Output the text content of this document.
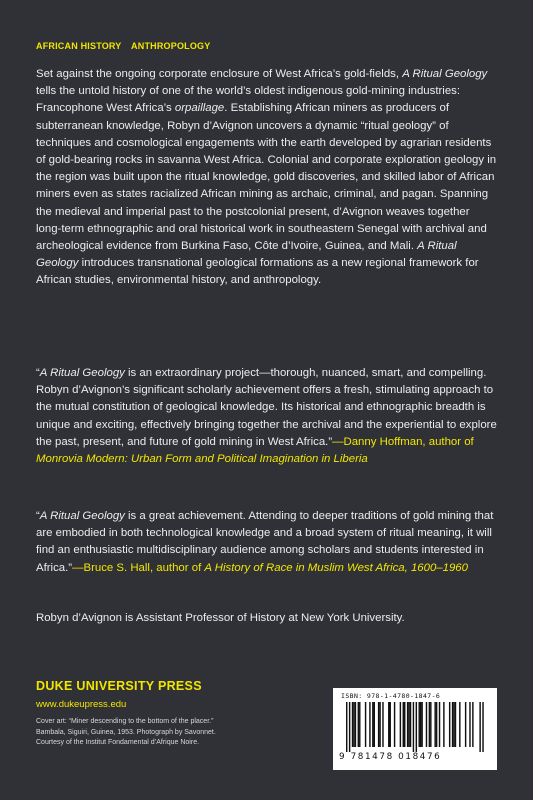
AFRICAN HISTORY ANTHROPOLOGY

Set against the ongoing corporate enclosure of West Africa’s gold-fields, A Ritual Geology tells the untold history of one of the world’s oldest indigenous gold-mining industries: Francophone West Africa’s orpaillage. Establishing African miners as producers of subterranean knowledge, Robyn d’Avignon uncovers a dynamic “ritual geology” of techniques and cosmological engagements with the earth developed by agrarian residents of gold-bearing rocks in savanna West Africa. Colonial and corporate exploration geology in the region was built upon the ritual knowledge, gold discoveries, and skilled labor of African miners even as states racialized African mining as archaic, criminal, and pagan. Spanning the medieval and imperial past to the postcolonial present, d’Avignon weaves together long-term ethnographic and oral historical work in southeastern Senegal with archival and archeological evidence from Burkina Faso, Côte d’Ivoire, Guinea, and Mali. A Ritual Geology introduces transnational geological formations as a new regional framework for African studies, environmental history, and anthropology.

“A Ritual Geology is an extraordinary project—thorough, nuanced, smart, and compelling. Robyn d’Avignon’s significant scholarly achievement offers a fresh, stimulating approach to the mutual constitution of geological knowledge. Its historical and ethnographic breadth is unique and exciting, effectively bringing together the archival and the experiential to explore the past, present, and future of gold mining in West Africa.”—Danny Hoffman, author of Monrovia Modern: Urban Form and Political Imagination in Liberia

“A Ritual Geology is a great achievement. Attending to deeper traditions of gold mining that are embodied in both technological knowledge and a broad system of ritual meaning, it will find an enthusiastic multidisciplinary audience among scholars and students interested in Africa.”—Bruce S. Hall, author of A History of Race in Muslim West Africa, 1600–1960

Robyn d’Avignon is Assistant Professor of History at New York University.

DUKE UNIVERSITY PRESS
www.dukeupress.edu
Cover art: “Miner descending to the bottom of the placer.”
Bambala, Siguiri, Guinea, 1953. Photograph by Savonnet.
Courtesy of the Institut Fondamental d’Afrique Noire.
ISBN: 978-1-4780-1847-6
9 781478 018476
